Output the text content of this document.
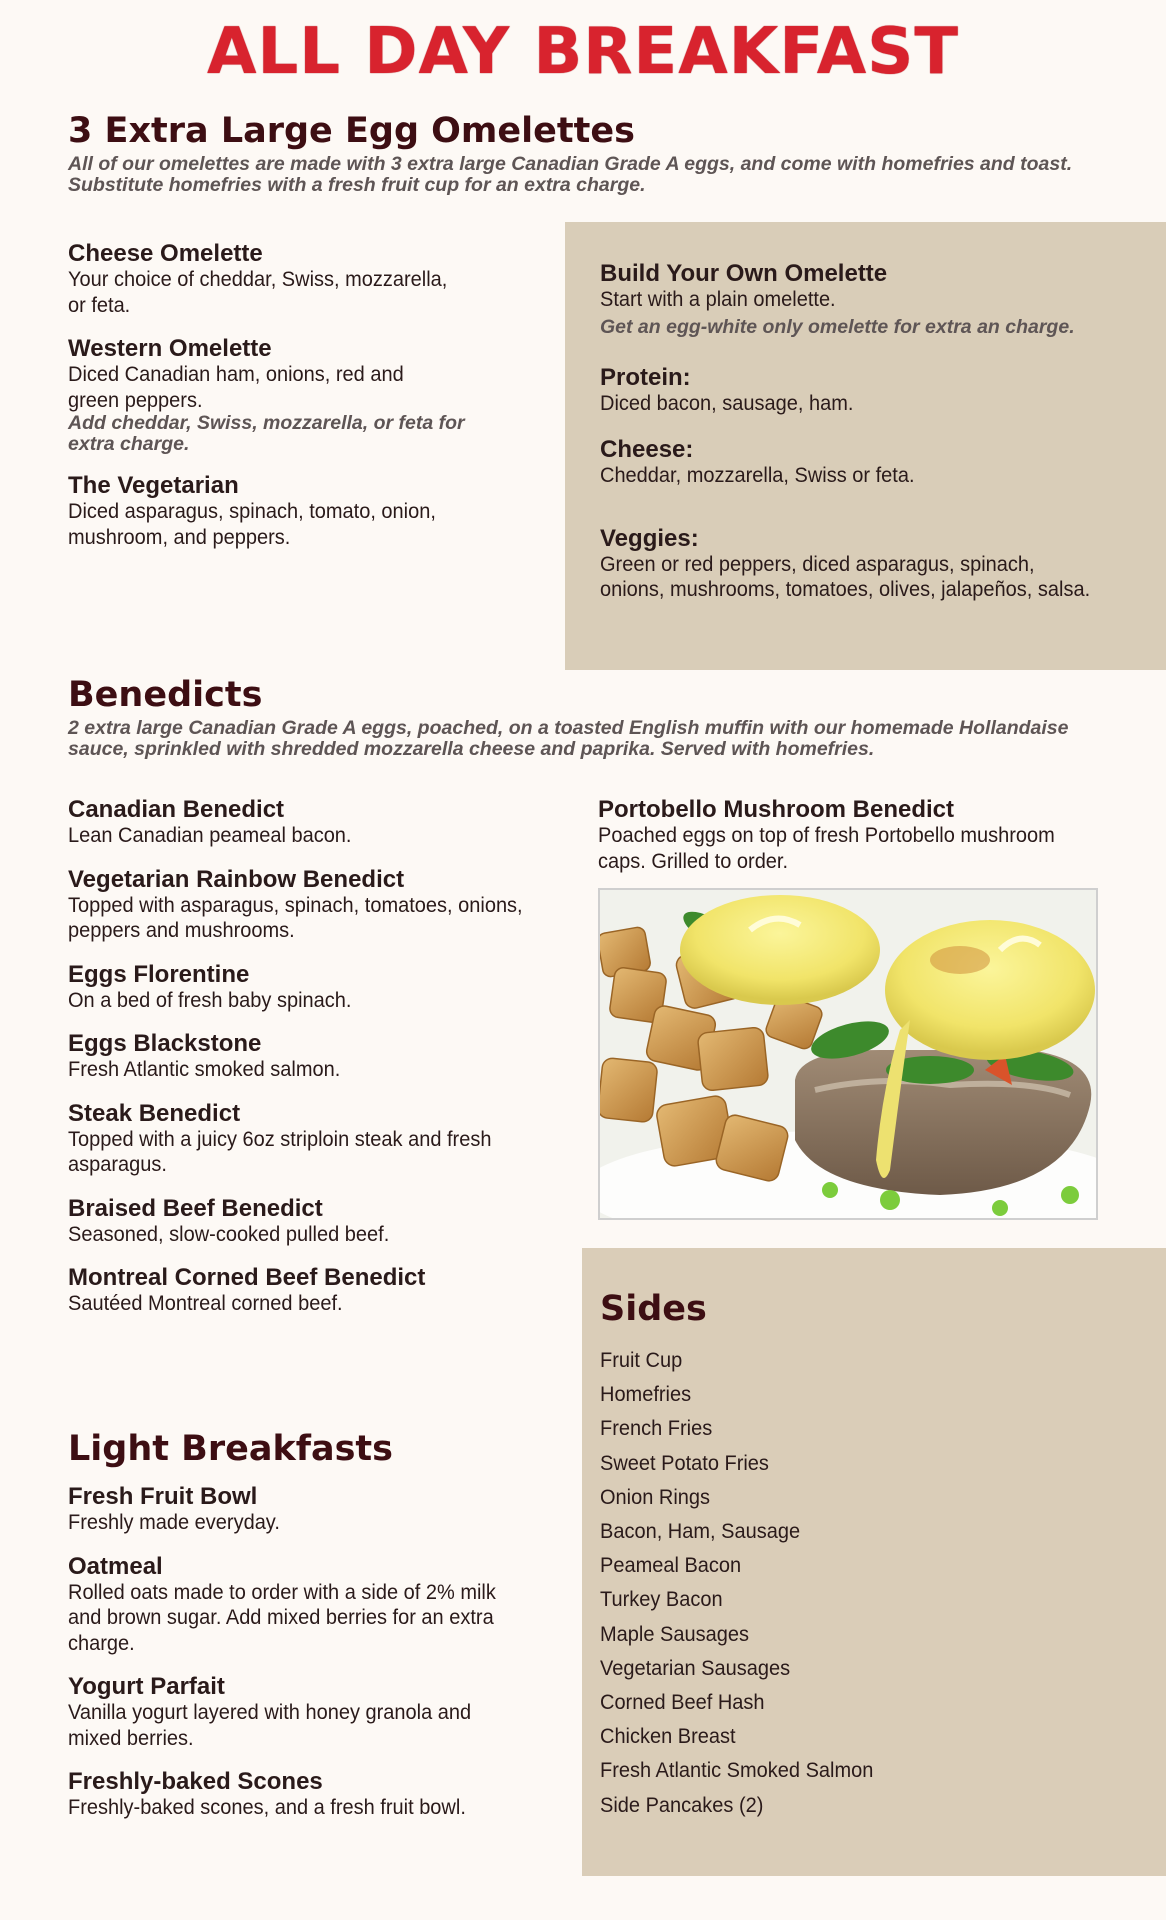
ALL DAY BREAKFAST
3 Extra Large Egg Omelettes
All of our omelettes are made with 3 extra large Canadian Grade A eggs, and come with homefries and toast. Substitute homefries with a fresh fruit cup for an extra charge.
Cheese Omelette
Your choice of cheddar, Swiss, mozzarella, or feta.
Western Omelette
Diced Canadian ham, onions, red and green peppers.
Add cheddar, Swiss, mozzarella, or feta for extra charge.
The Vegetarian
Diced asparagus, spinach, tomato, onion, mushroom, and peppers.
Build Your Own Omelette
Start with a plain omelette.
Get an egg-white only omelette for extra an charge.
Protein:
Diced bacon, sausage, ham.
Cheese:
Cheddar, mozzarella, Swiss or feta.
Veggies:
Green or red peppers, diced asparagus, spinach, onions, mushrooms, tomatoes, olives, jalapeños, salsa.
Benedicts
2 extra large Canadian Grade A eggs, poached, on a toasted English muffin with our homemade Hollandaise sauce, sprinkled with shredded mozzarella cheese and paprika. Served with homefries.
Canadian Benedict
Lean Canadian peameal bacon.
Vegetarian Rainbow Benedict
Topped with asparagus, spinach, tomatoes, onions, peppers and mushrooms.
Eggs Florentine
On a bed of fresh baby spinach.
Eggs Blackstone
Fresh Atlantic smoked salmon.
Steak Benedict
Topped with a juicy 6oz striploin steak and fresh asparagus.
Braised Beef Benedict
Seasoned, slow-cooked pulled beef.
Montreal Corned Beef Benedict
Sautéed Montreal corned beef.
Portobello Mushroom Benedict
Poached eggs on top of fresh Portobello mushroom caps. Grilled to order.
Light Breakfasts
Fresh Fruit Bowl
Freshly made everyday.
Oatmeal
Rolled oats made to order with a side of 2% milk and brown sugar. Add mixed berries for an extra charge.
Yogurt Parfait
Vanilla yogurt layered with honey granola and mixed berries.
Freshly-baked Scones
Freshly-baked scones, and a fresh fruit bowl.
Sides
Fruit Cup
Homefries
French Fries
Sweet Potato Fries
Onion Rings
Bacon, Ham, Sausage
Peameal Bacon
Turkey Bacon
Maple Sausages
Vegetarian Sausages
Corned Beef Hash
Chicken Breast
Fresh Atlantic Smoked Salmon
Side Pancakes (2)
